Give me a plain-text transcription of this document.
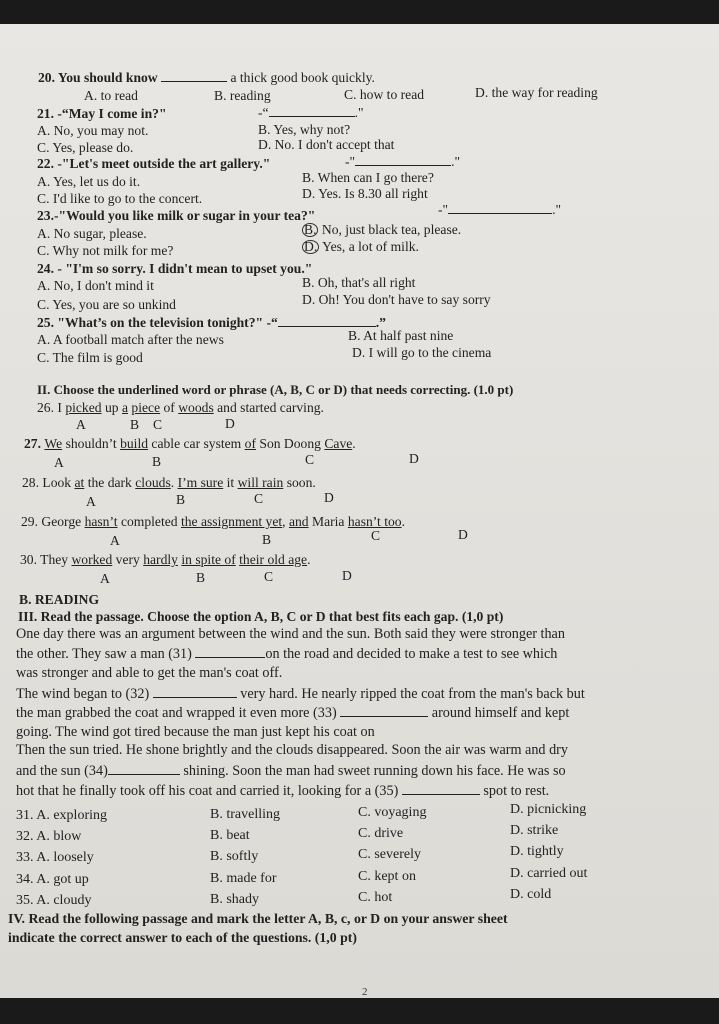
20. You should know	a thick good book quickly.
A. to read	B. reading	C. how to read	D. the way for reading
21. -“May I come in?"	-“	."
A. No, you may not.	B. Yes, why not?
C. Yes, please do.	D. No. I don't accept that
22. -"Let's meet outside the art gallery."	-"	."
A. Yes, let us do it.	B. When can I go there?
C. I'd like to go to the concert.	D. Yes. Is 8.30 all right
23.-"Would you like milk or sugar in your tea?"	-"	."
A. No sugar, please.	B. No, just black tea, please.
C. Why not milk for me?	D. Yes, a lot of milk.
24. - "I'm so sorry. I didn't mean to upset you."
A. No, I don't mind it	B. Oh, that's all right
C. Yes, you are so unkind	D. Oh! You don't have to say sorry
25. "What’s on the television tonight?" -“	.”
A. A football match after the news	B. At half past nine
C. The film is good	D. I will go to the cinema
II. Choose the underlined word or phrase (A, B, C or D) that needs correcting. (1.0 pt)
26. I picked up a piece of woods and started carving.
A	B C	D
27. We shouldn’t build cable car system of Son Doong Cave.
A	B	C	D
28. Look at the dark clouds. I’m sure it will rain soon.
A	B	C	D
29. George hasn’t completed the assignment yet, and Maria hasn’t too.
A	B	C	D
30. They worked very hardly in spite of their old age.
A	B	C	D
B. READING
III. Read the passage. Choose the option A, B, C or D that best fits each gap. (1,0 pt)
One day there was an argument between the wind and the sun. Both said they were stronger than
the other. They saw a man (31)	on the road and decided to make a test to see which
was stronger and able to get the man's coat off.
The wind began to (32)	very hard. He nearly ripped the coat from the man's back but
the man grabbed the coat and wrapped it even more (33)	around himself and kept
going. The wind got tired because the man just kept his coat on
Then the sun tried. He shone brightly and the clouds disappeared. Soon the air was warm and dry
and the sun (34)	shining. Soon the man had sweet running down his face. He was so
hot that he finally took off his coat and carried it, looking for a (35)	spot to rest.
31. A. exploring	B. travelling	C. voyaging	D. picnicking
32. A. blow	B. beat	C. drive	D. strike
33. A. loosely	B. softly	C. severely	D. tightly
34. A. got up	B. made for	C. kept on	D. carried out
35. A. cloudy	B. shady	C. hot	D. cold
IV. Read the following passage and mark the letter A, B, c, or D on your answer sheet
indicate the correct answer to each of the questions. (1,0 pt)
2
